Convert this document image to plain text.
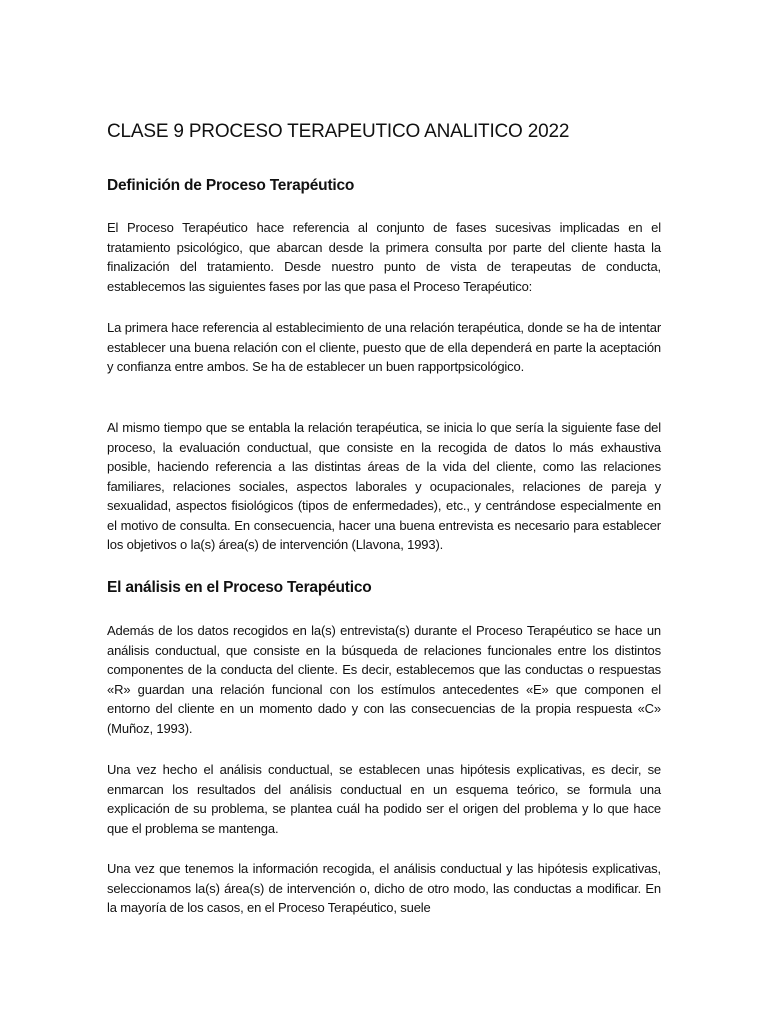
CLASE 9 PROCESO TERAPEUTICO ANALITICO 2022
Definición de Proceso Terapéutico

El Proceso Terapéutico hace referencia al conjunto de fases sucesivas implicadas en el tratamiento psicológico, que abarcan desde la primera consulta por parte del cliente hasta la finalización del tratamiento. Desde nuestro punto de vista de terapeutas de conducta, establecemos las siguientes fases por las que pasa el Proceso Terapéutico:

La primera hace referencia al establecimiento de una relación terapéutica, donde se ha de intentar establecer una buena relación con el cliente, puesto que de ella dependerá en parte la aceptación y confianza entre ambos. Se ha de establecer un buen rapportpsicológico.

Al mismo tiempo que se entabla la relación terapéutica, se inicia lo que sería la siguiente fase del proceso, la evaluación conductual, que consiste en la recogida de datos lo más exhaustiva posible, haciendo referencia a las distintas áreas de la vida del cliente, como las relaciones familiares, relaciones sociales, aspectos laborales y ocupacionales, relaciones de pareja y sexualidad, aspectos fisiológicos (tipos de enfermedades), etc., y centrándose especialmente en el motivo de consulta. En consecuencia, hacer una buena entrevista es necesario para establecer los objetivos o la(s) área(s) de intervención (Llavona, 1993).

El análisis en el Proceso Terapéutico

Además de los datos recogidos en la(s) entrevista(s) durante el Proceso Terapéutico se hace un análisis conductual, que consiste en la búsqueda de relaciones funcionales entre los distintos componentes de la conducta del cliente. Es decir, establecemos que las conductas o respuestas «R» guardan una relación funcional con los estímulos antecedentes «E» que componen el entorno del cliente en un momento dado y con las consecuencias de la propia respuesta «C» (Muñoz, 1993).

Una vez hecho el análisis conductual, se establecen unas hipótesis explicativas, es decir, se enmarcan los resultados del análisis conductual en un esquema teórico, se formula una explicación de su problema, se plantea cuál ha podido ser el origen del problema y lo que hace que el problema se mantenga.

Una vez que tenemos la información recogida, el análisis conductual y las hipótesis explicativas, seleccionamos la(s) área(s) de intervención o, dicho de otro modo, las conductas a modificar. En la mayoría de los casos, en el Proceso Terapéutico, suele
